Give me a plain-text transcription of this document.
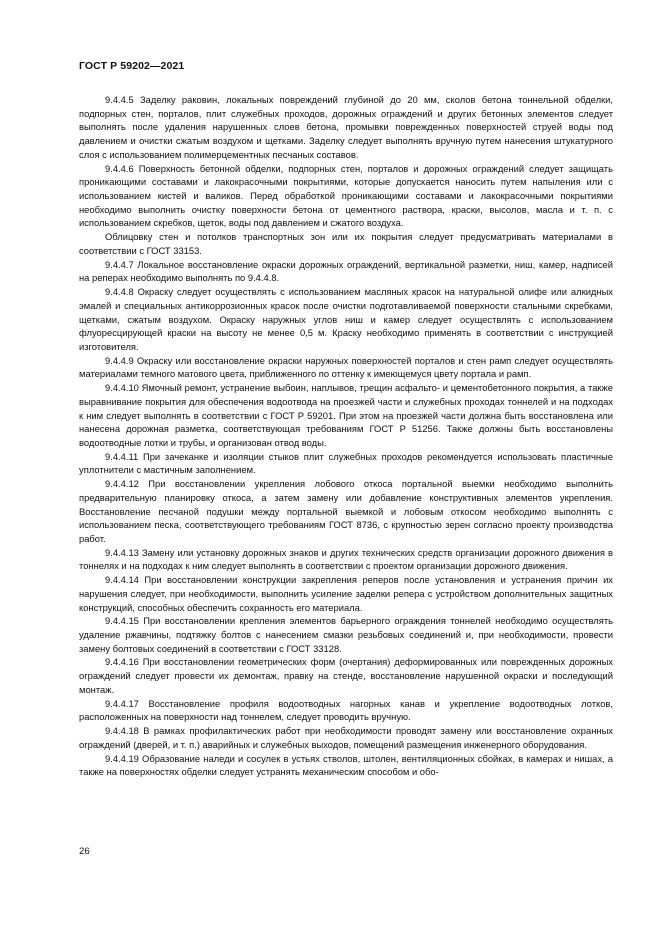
ГОСТ Р 59202—2021

9.4.4.5 Заделку раковин, локальных повреждений глубиной до 20 мм, сколов бетона тоннельной обделки, подпорных стен, порталов, плит служебных проходов, дорожных ограждений и других бетонных элементов следует выполнять после удаления нарушенных слоев бетона, промывки поврежденных поверхностей струей воды под давлением и очистки сжатым воздухом и щетками. Заделку следует выполнять вручную путем нанесения штукатурного слоя с использованием полимерцементных песчаных составов.

9.4.4.6 Поверхность бетонной обделки, подпорных стен, порталов и дорожных ограждений следует защищать проникающими составами и лакокрасочными покрытиями, которые допускается наносить путем напыления или с использованием кистей и валиков. Перед обработкой проникающими составами и лакокрасочными покрытиями необходимо выполнить очистку поверхности бетона от цементного раствора, краски, высолов, масла и т. п. с использованием скребков, щеток, воды под давлением и сжатого воздуха.

Облицовку стен и потолков транспортных зон или их покрытия следует предусматривать материалами в соответствии с ГОСТ 33153.

9.4.4.7 Локальное восстановление окраски дорожных ограждений, вертикальной разметки, ниш, камер, надписей на реперах необходимо выполнять по 9.4.4.8.

9.4.4.8 Окраску следует осуществлять с использованием масляных красок на натуральной олифе или алкидных эмалей и специальных антикоррозионных красок после очистки подготавливаемой поверхности стальными скребками, щетками, сжатым воздухом. Окраску наружных углов ниш и камер следует осуществлять с использованием флуоресцирующей краски на высоту не менее 0,5 м. Краску необходимо применять в соответствии с инструкцией изготовителя.

9.4.4.9 Окраску или восстановление окраски наружных поверхностей порталов и стен рамп следует осуществлять материалами темного матового цвета, приближенного по оттенку к имеющемуся цвету портала и рамп.

9.4.4.10 Ямочный ремонт, устранение выбоин, наплывов, трещин асфальто- и цементобетонного покрытия, а также выравнивание покрытия для обеспечения водоотвода на проезжей части и служебных проходах тоннелей и на подходах к ним следует выполнять в соответствии с ГОСТ Р 59201. При этом на проезжей части должна быть восстановлена или нанесена дорожная разметка, соответствующая требованиям ГОСТ Р 51256. Также должны быть восстановлены водоотводные лотки и трубы, и организован отвод воды.

9.4.4.11 При зачеканке и изоляции стыков плит служебных проходов рекомендуется использовать пластичные уплотнители с мастичным заполнением.

9.4.4.12 При восстановлении укрепления лобового откоса портальной выемки необходимо выполнить предварительную планировку откоса, а затем замену или добавление конструктивных элементов укрепления. Восстановление песчаной подушки между портальной выемкой и лобовым откосом необходимо выполнять с использованием песка, соответствующего требованиям ГОСТ 8736, с крупностью зерен согласно проекту производства работ.

9.4.4.13 Замену или установку дорожных знаков и других технических средств организации дорожного движения в тоннелях и на подходах к ним следует выполнять в соответствии с проектом организации дорожного движения.

9.4.4.14 При восстановлении конструкции закрепления реперов после установления и устранения причин их нарушения следует, при необходимости, выполнить усиление заделки репера с устройством дополнительных защитных конструкций, способных обеспечить сохранность его материала.

9.4.4.15 При восстановлении крепления элементов барьерного ограждения тоннелей необходимо осуществлять удаление ржавчины, подтяжку болтов с нанесением смазки резьбовых соединений и, при необходимости, провести замену болтовых соединений в соответствии с ГОСТ 33128.

9.4.4.16 При восстановлении геометрических форм (очертания) деформированных или поврежденных дорожных ограждений следует провести их демонтаж, правку на стенде, восстановление нарушенной окраски и последующий монтаж.

9.4.4.17 Восстановление профиля водоотводных нагорных канав и укрепление водоотводных лотков, расположенных на поверхности над тоннелем, следует проводить вручную.

9.4.4.18 В рамках профилактических работ при необходимости проводят замену или восстановление охранных ограждений (дверей, и т. п.) аварийных и служебных выходов, помещений размещения инженерного оборудования.

9.4.4.19 Образование наледи и сосулек в устьях стволов, штолен, вентиляционных сбойках, в камерах и нишах, а также на поверхностях обделки следует устранять механическим способом и обо-

26
